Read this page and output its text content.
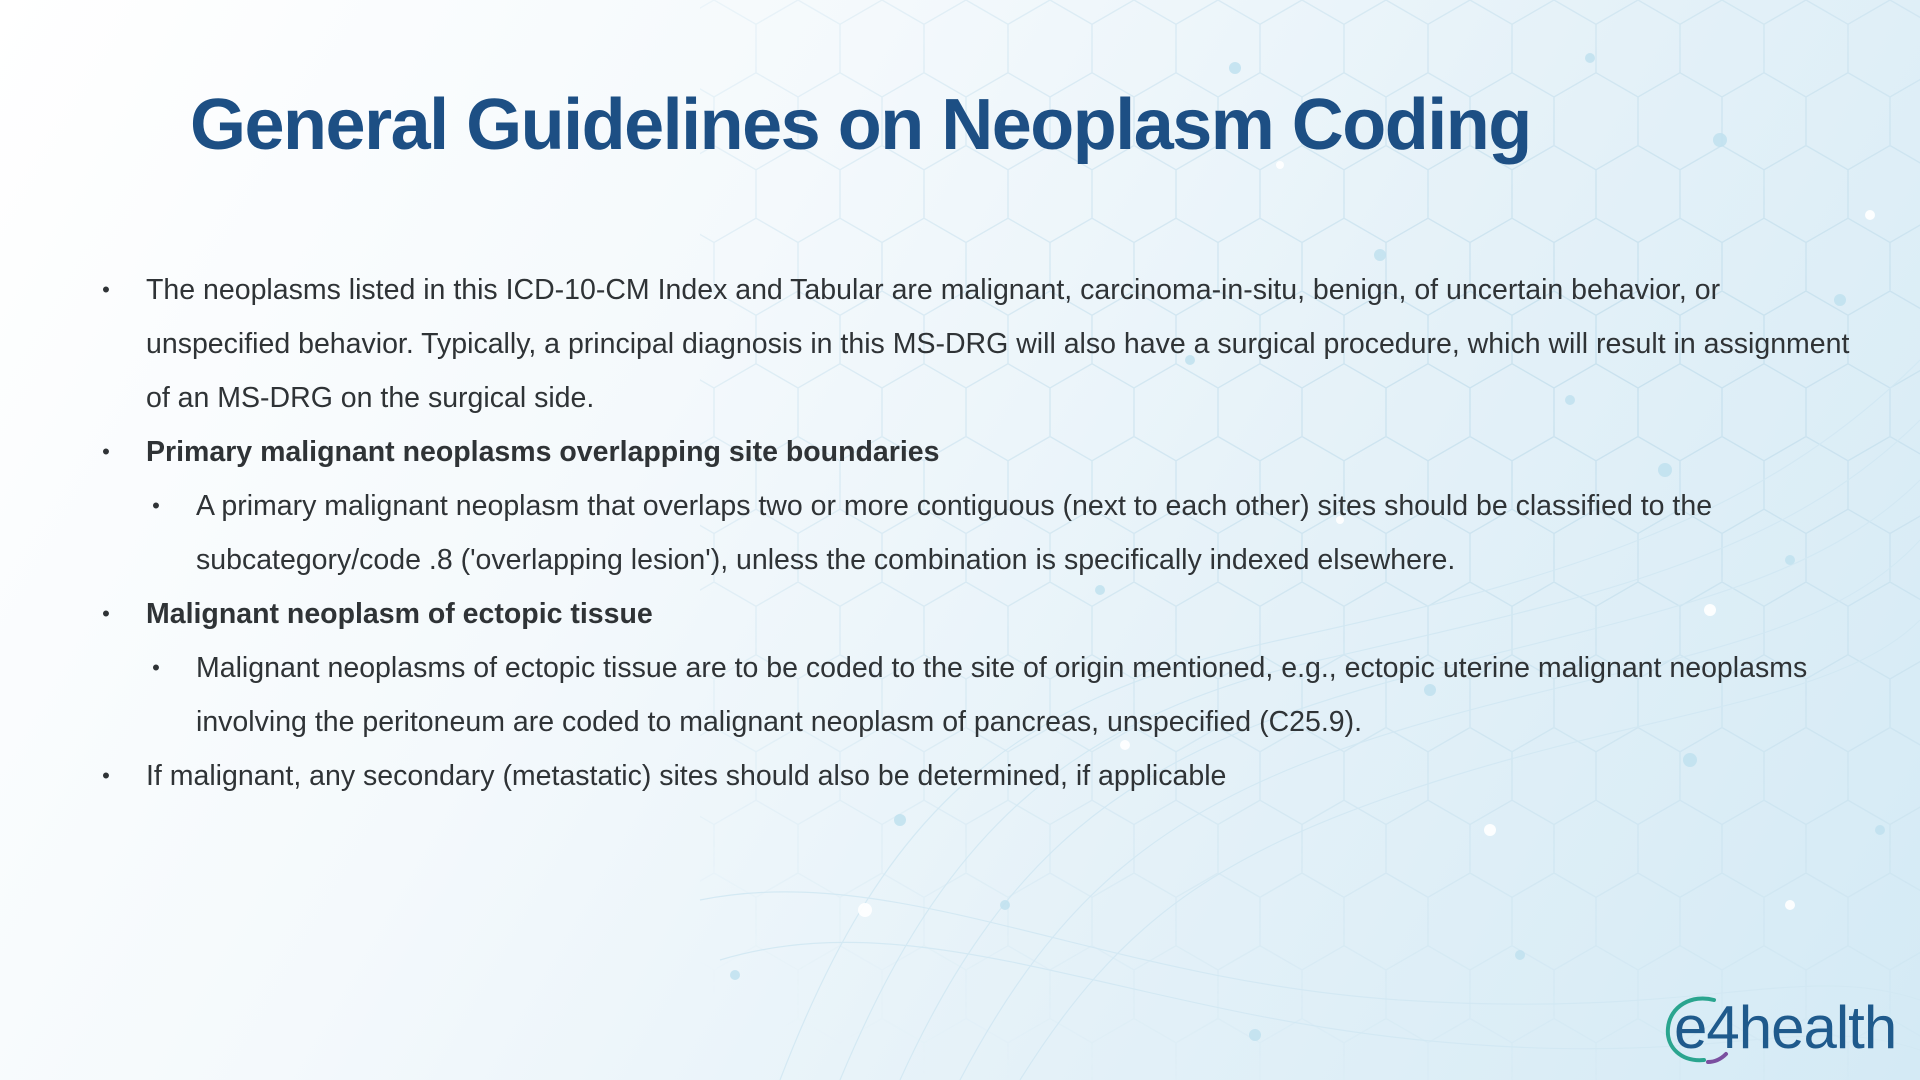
General Guidelines on Neoplasm Coding
• The neoplasms listed in this ICD-10-CM Index and Tabular are malignant, carcinoma-in-situ, benign, of uncertain behavior, or unspecified behavior. Typically, a principal diagnosis in this MS-DRG will also have a surgical procedure, which will result in assignment of an MS-DRG on the surgical side.
• Primary malignant neoplasms overlapping site boundaries
• A primary malignant neoplasm that overlaps two or more contiguous (next to each other) sites should be classified to the subcategory/code .8 ('overlapping lesion'), unless the combination is specifically indexed elsewhere.
• Malignant neoplasm of ectopic tissue
• Malignant neoplasms of ectopic tissue are to be coded to the site of origin mentioned, e.g., ectopic uterine malignant neoplasms involving the peritoneum are coded to malignant neoplasm of pancreas, unspecified (C25.9).
• If malignant, any secondary (metastatic) sites should also be determined, if applicable
e4health
